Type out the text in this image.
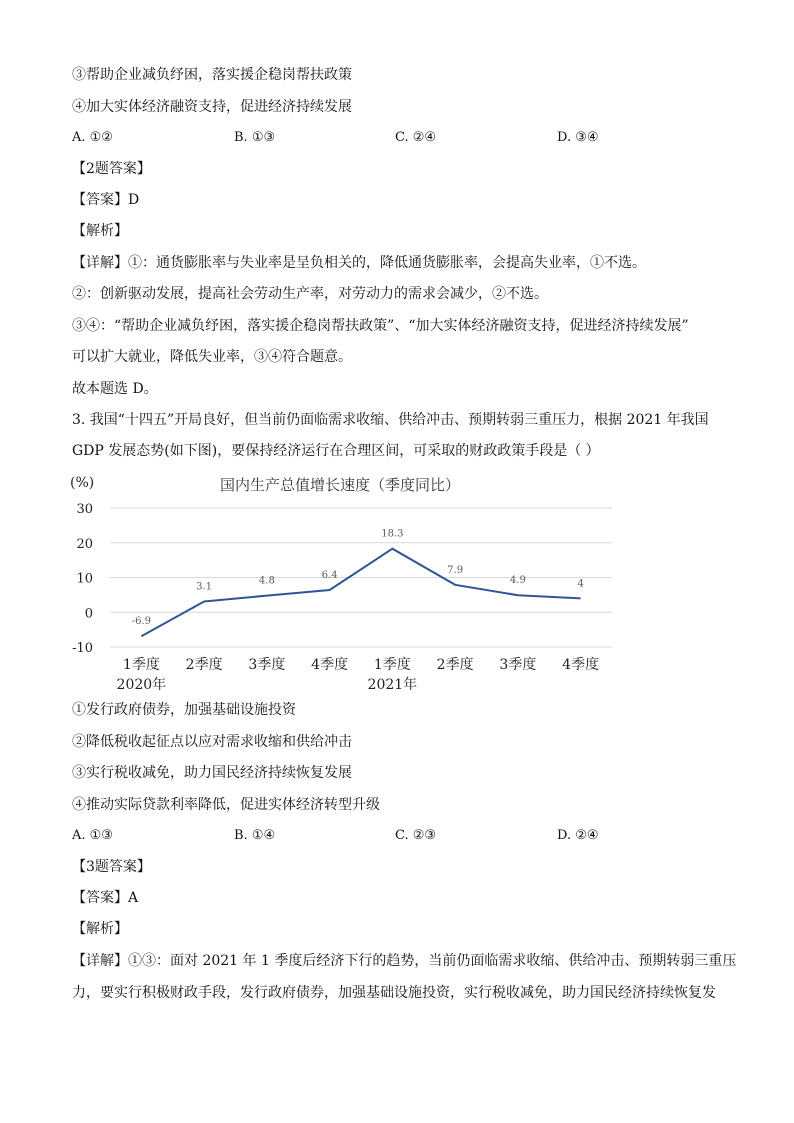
③帮助企业减负纾困，落实援企稳岗帮扶政策
④加大实体经济融资支持，促进经济持续发展
A. ①②	B. ①③	C. ②④	D. ③④
【2题答案】
【答案】D
【解析】
【详解】①：通货膨胀率与失业率是呈负相关的，降低通货膨胀率，会提高失业率，①不选。
②：创新驱动发展，提高社会劳动生产率，对劳动力的需求会减少，②不选。
③④：“帮助企业减负纾困，落实援企稳岗帮扶政策”、“加大实体经济融资支持，促进经济持续发展”
可以扩大就业，降低失业率，③④符合题意。
故本题选 D。
3. 我国“十四五”开局良好，但当前仍面临需求收缩、供给冲击、预期转弱三重压力，根据 2021 年我国
GDP 发展态势(如下图)，要保持经济运行在合理区间，可采取的财政政策手段是（ ）
(%)	国内生产总值增长速度（季度同比）
30
20
10
0
-10
1季度 2季度 3季度 4季度 1季度 2季度 3季度 4季度
2020年	2021年
-6.9
3.1
4.8
6.4
18.3
7.9
4.9	4
①发行政府债券，加强基础设施投资
②降低税收起征点以应对需求收缩和供给冲击
③实行税收减免，助力国民经济持续恢复发展
④推动实际贷款利率降低，促进实体经济转型升级
A. ①③	B. ①④	C. ②③	D. ②④
【3题答案】
【答案】A
【解析】
【详解】①③：面对 2021 年 1 季度后经济下行的趋势，当前仍面临需求收缩、供给冲击、预期转弱三重压
力，要实行积极财政手段，发行政府债券，加强基础设施投资，实行税收减免，助力国民经济持续恢复发
